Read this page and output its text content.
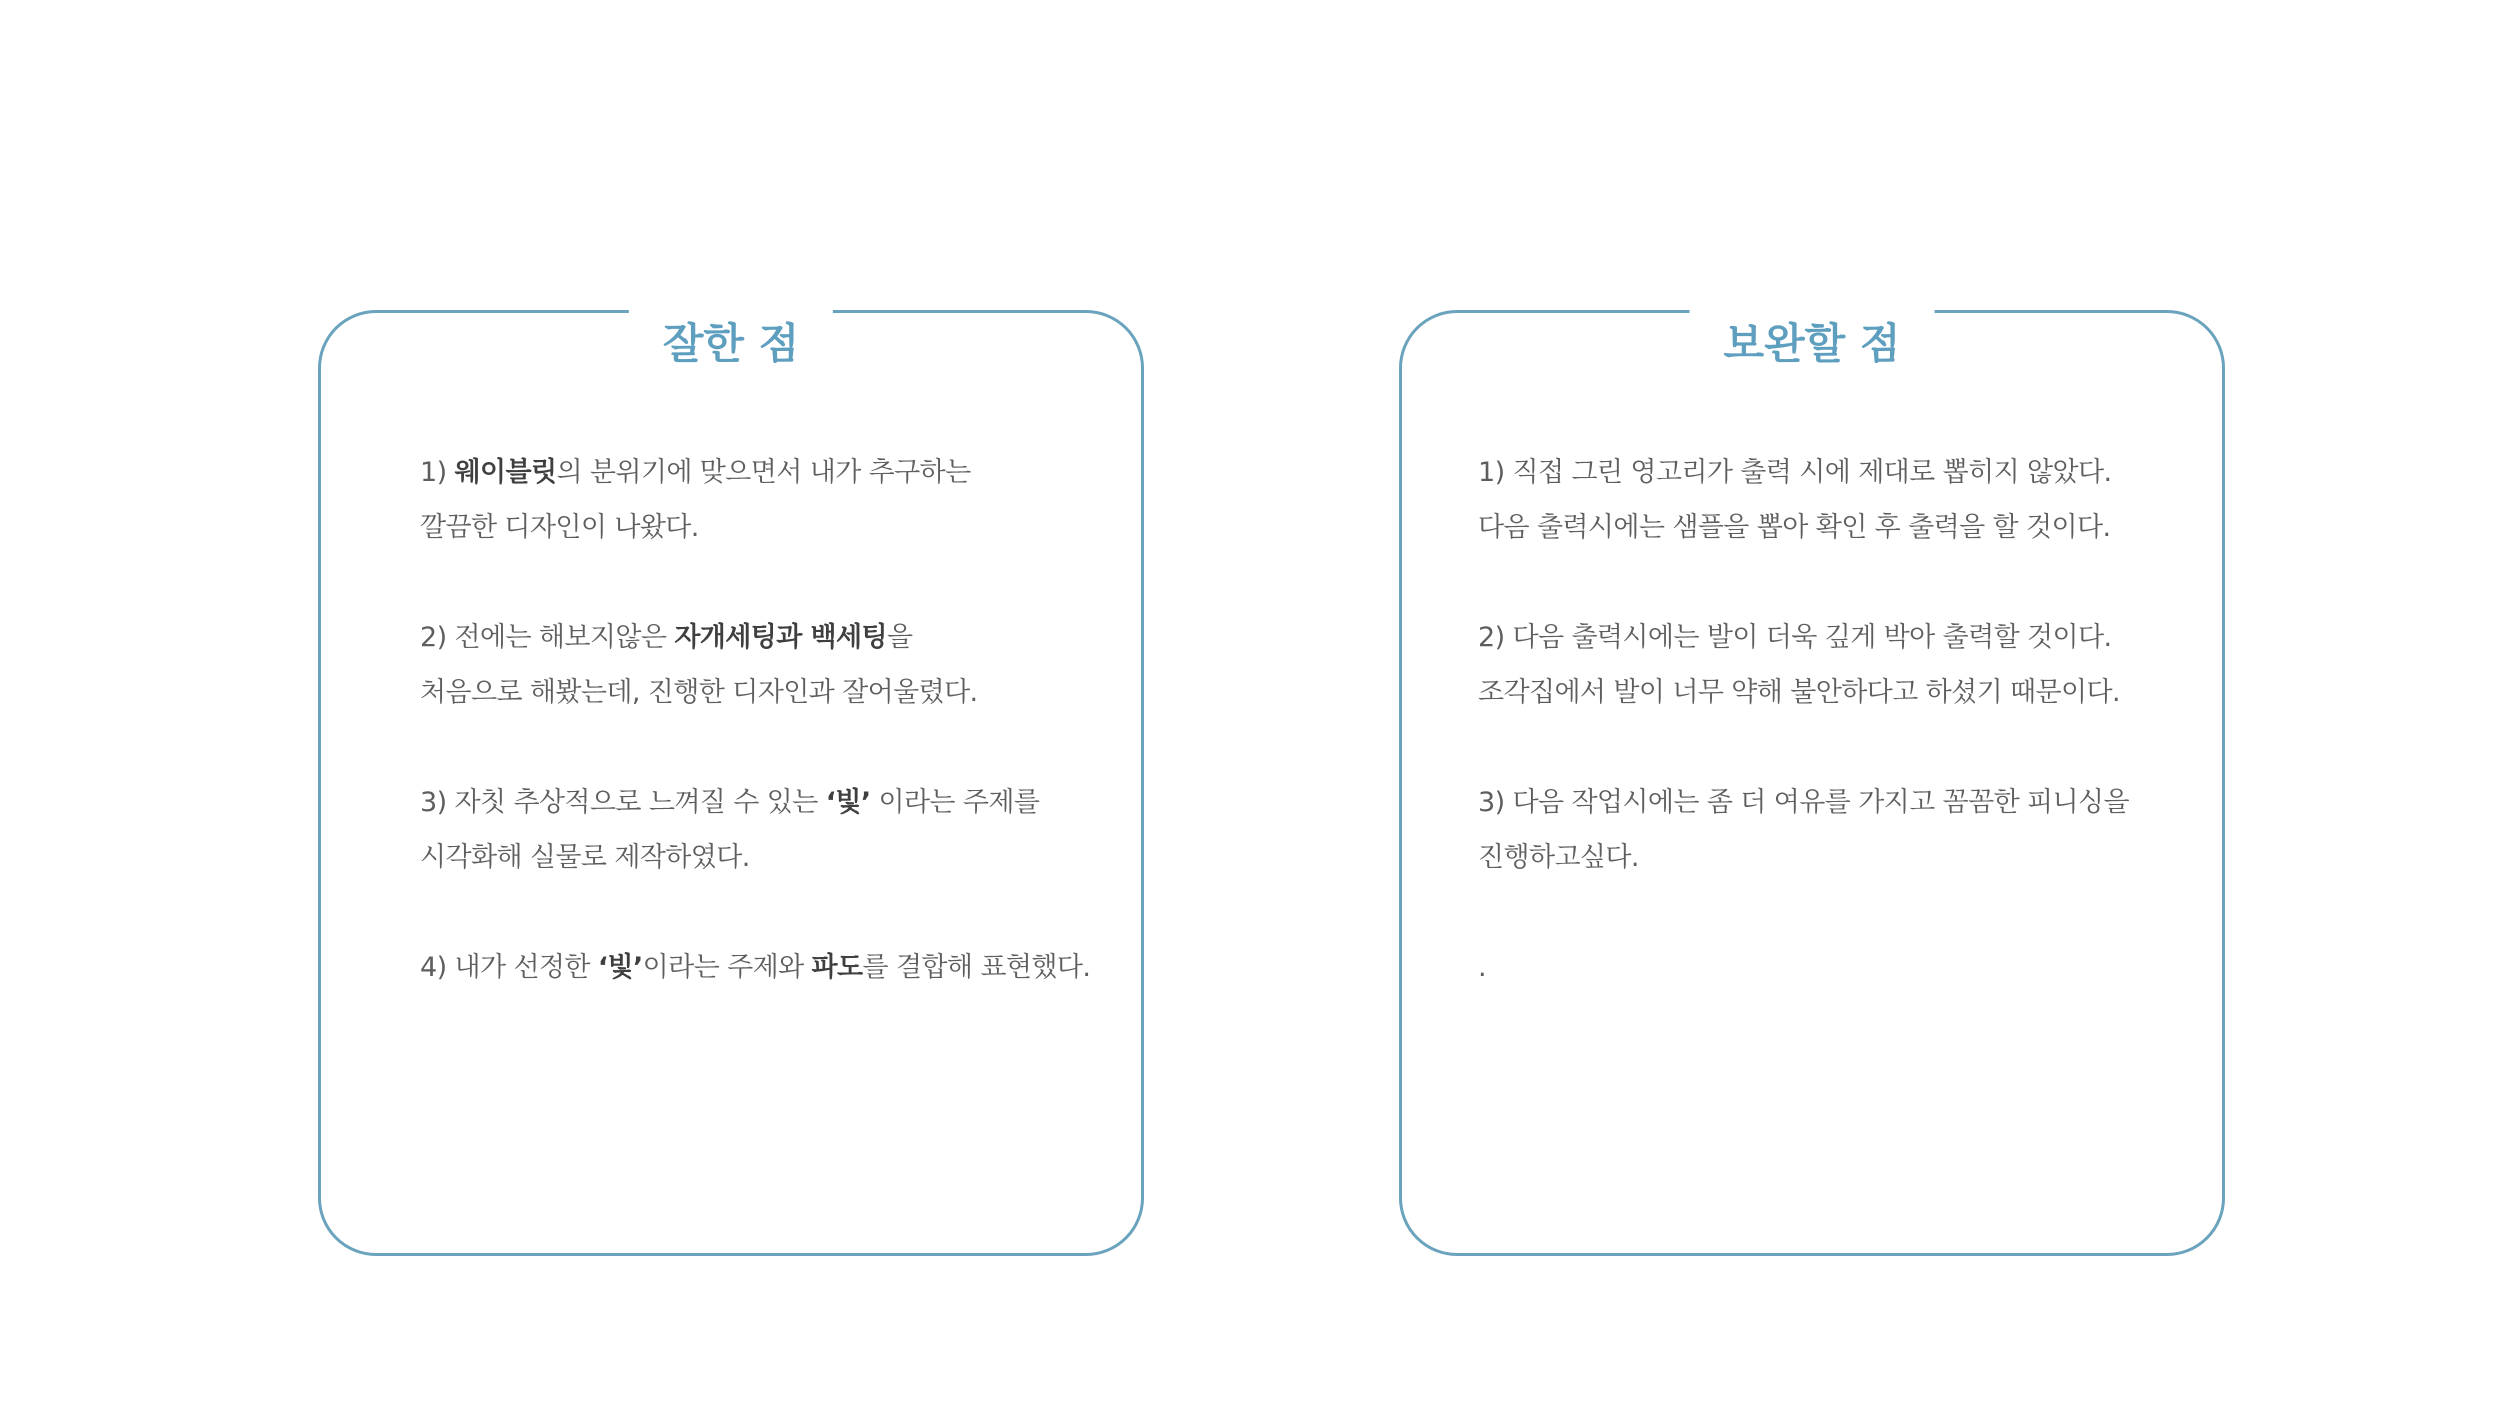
잘한 점

1) 웨이블릿의 분위기에 맞으면서 내가 추구하는
깔끔한 디자인이 나왔다.

2) 전에는 해보지않은 자개세팅과 백세팅을
처음으로 해봤는데, 진행한 디자인과 잘어울렸다.

3) 자칫 추상적으로 느껴질 수 있는 ‘빛’ 이라는 주제를
시각화해 실물로 제작하였다.

4) 내가 선정한 ‘빛’이라는 주제와 파도를 결합해 표현했다.

보완할 점

1) 직접 그린 영고리가 출력 시에 제대로 뽑히지 않았다.
다음 출력시에는 샘플을 뽑아 확인 후 출력을 할 것이다.

2) 다음 출력시에는 발이 더욱 깊게 박아 출력할 것이다.
조각집에서 발이 너무 약해 불안하다고 하셨기 때문이다.

3) 다음 작업시에는 좀 더 여유를 가지고 꼼꼼한 피니싱을
진행하고싶다.

.
